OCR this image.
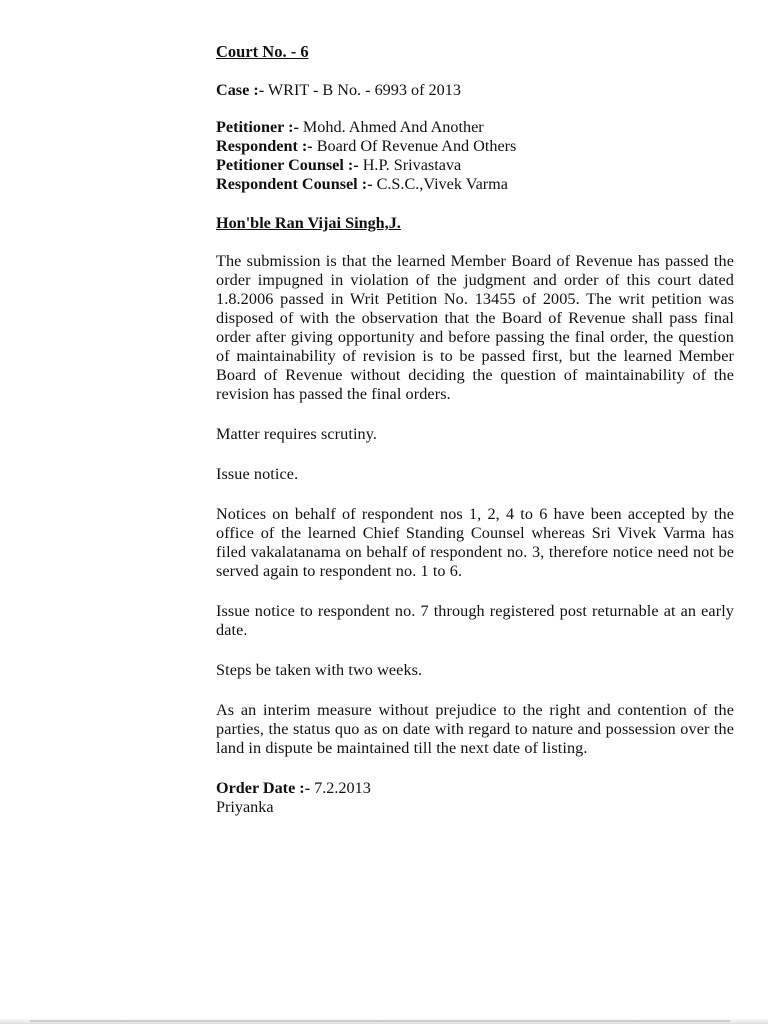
Court No. - 6
Case :- WRIT - B No. - 6993 of 2013
Petitioner :- Mohd. Ahmed And Another
Respondent :- Board Of Revenue And Others
Petitioner Counsel :- H.P. Srivastava
Respondent Counsel :- C.S.C.,Vivek Varma
Hon'ble Ran Vijai Singh,J.
The submission is that the learned Member Board of Revenue has passed the order impugned in violation of the judgment and order of this court dated 1.8.2006 passed in Writ Petition No. 13455 of 2005. The writ petition was disposed of with the observation that the Board of Revenue shall pass final order after giving opportunity and before passing the final order, the question of maintainability of revision is to be passed first, but the learned Member Board of Revenue without deciding the question of maintainability of the revision has passed the final orders.
Matter requires scrutiny.
Issue notice.
Notices on behalf of respondent nos 1, 2, 4 to 6 have been accepted by the office of the learned Chief Standing Counsel whereas Sri Vivek Varma has filed vakalatanama on behalf of respondent no. 3, therefore notice need not be served again to respondent no. 1 to 6.
Issue notice to respondent no. 7 through registered post returnable at an early date.
Steps be taken with two weeks.
As an interim measure without prejudice to the right and contention of the parties, the status quo as on date with regard to nature and possession over the land in dispute be maintained till the next date of listing.
Order Date :- 7.2.2013
Priyanka
